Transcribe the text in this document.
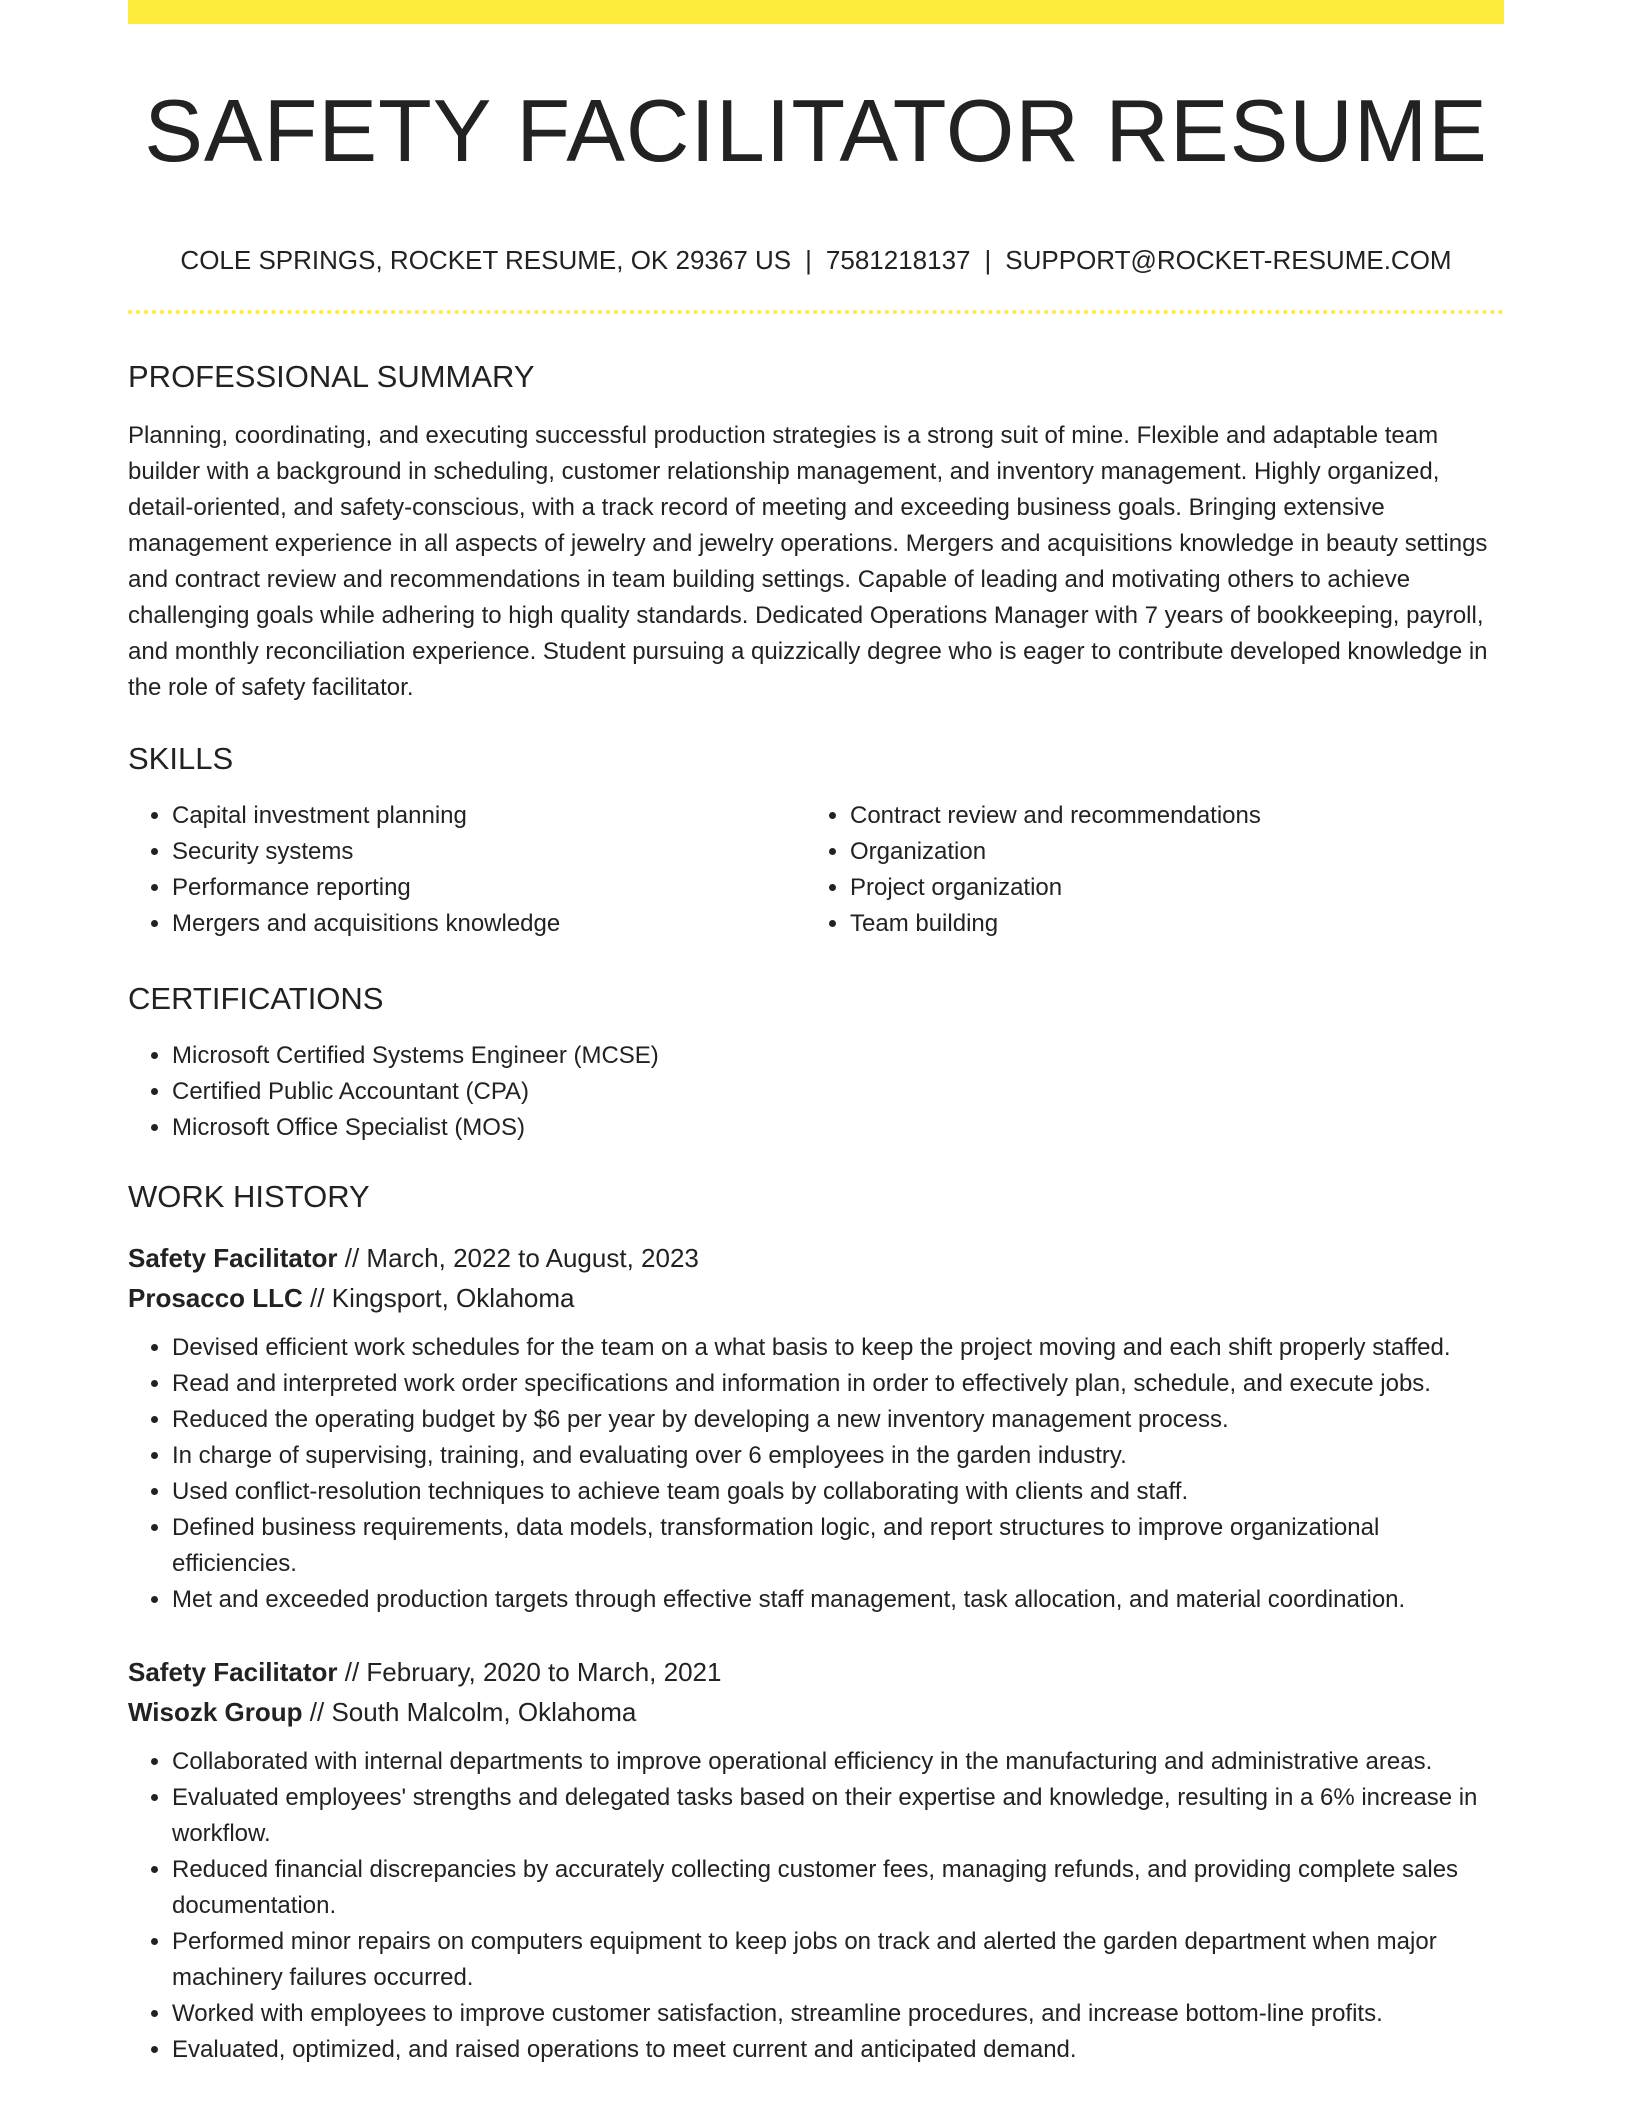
SAFETY FACILITATOR RESUME
COLE SPRINGS, ROCKET RESUME, OK 29367 US | 7581218137 | SUPPORT@ROCKET-RESUME.COM
PROFESSIONAL SUMMARY

Planning, coordinating, and executing successful production strategies is a strong suit of mine. Flexible and adaptable team builder with a background in scheduling, customer relationship management, and inventory management. Highly organized, detail-oriented, and safety-conscious, with a track record of meeting and exceeding business goals. Bringing extensive management experience in all aspects of jewelry and jewelry operations. Mergers and acquisitions knowledge in beauty settings and contract review and recommendations in team building settings. Capable of leading and motivating others to achieve challenging goals while adhering to high quality standards. Dedicated Operations Manager with 7 years of bookkeeping, payroll, and monthly reconciliation experience. Student pursuing a quizzically degree who is eager to contribute developed knowledge in the role of safety facilitator.

SKILLS
• Capital investment planning
• Security systems
• Performance reporting
• Mergers and acquisitions knowledge
• Contract review and recommendations
• Organization
• Project organization
• Team building
CERTIFICATIONS
• Microsoft Certified Systems Engineer (MCSE)
• Certified Public Accountant (CPA)
• Microsoft Office Specialist (MOS)
WORK HISTORY
Safety Facilitator // March, 2022 to August, 2023
Prosacco LLC // Kingsport, Oklahoma
• Devised efficient work schedules for the team on a what basis to keep the project moving and each shift properly staffed.
• Read and interpreted work order specifications and information in order to effectively plan, schedule, and execute jobs.
• Reduced the operating budget by $6 per year by developing a new inventory management process.
• In charge of supervising, training, and evaluating over 6 employees in the garden industry.
• Used conflict-resolution techniques to achieve team goals by collaborating with clients and staff.
• Defined business requirements, data models, transformation logic, and report structures to improve organizational efficiencies.
• Met and exceeded production targets through effective staff management, task allocation, and material coordination.
Safety Facilitator // February, 2020 to March, 2021
Wisozk Group // South Malcolm, Oklahoma
• Collaborated with internal departments to improve operational efficiency in the manufacturing and administrative areas.
• Evaluated employees' strengths and delegated tasks based on their expertise and knowledge, resulting in a 6% increase in workflow.
• Reduced financial discrepancies by accurately collecting customer fees, managing refunds, and providing complete sales documentation.
• Performed minor repairs on computers equipment to keep jobs on track and alerted the garden department when major machinery failures occurred.
• Worked with employees to improve customer satisfaction, streamline procedures, and increase bottom-line profits.
• Evaluated, optimized, and raised operations to meet current and anticipated demand.
